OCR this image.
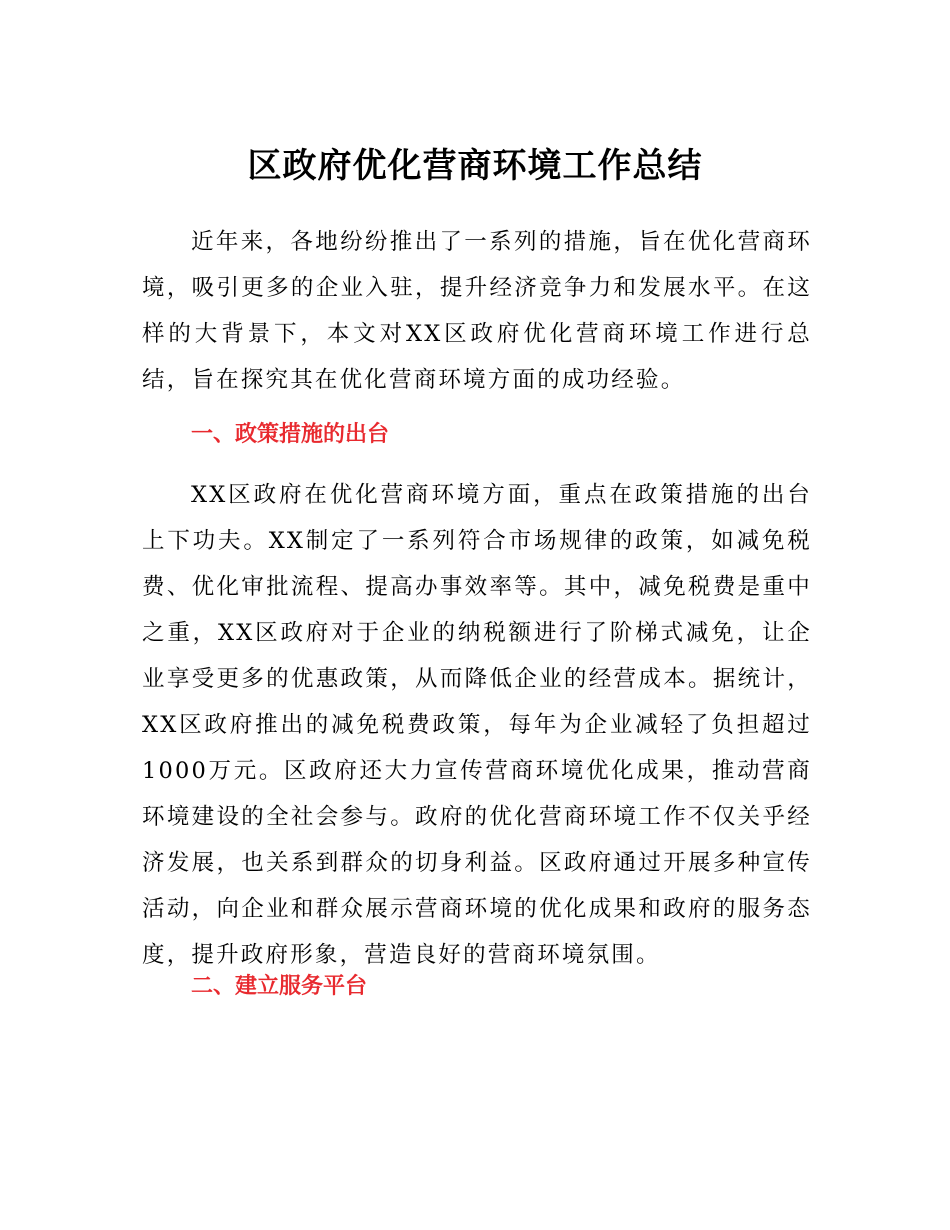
区政府优化营商环境工作总结

近年来，各地纷纷推出了一系列的措施，旨在优化营商环境，吸引更多的企业入驻，提升经济竞争力和发展水平。在这样的大背景下，本文对XX区政府优化营商环境工作进行总结，旨在探究其在优化营商环境方面的成功经验。

一、政策措施的出台

XX区政府在优化营商环境方面，重点在政策措施的出台上下功夫。XX制定了一系列符合市场规律的政策，如减免税费、优化审批流程、提高办事效率等。其中，减免税费是重中之重，XX区政府对于企业的纳税额进行了阶梯式减免，让企业享受更多的优惠政策，从而降低企业的经营成本。据统计，XX区政府推出的减免税费政策，每年为企业减轻了负担超过1000万元。区政府还大力宣传营商环境优化成果，推动营商环境建设的全社会参与。政府的优化营商环境工作不仅关乎经济发展，也关系到群众的切身利益。区政府通过开展多种宣传活动，向企业和群众展示营商环境的优化成果和政府的服务态度，提升政府形象，营造良好的营商环境氛围。

二、建立服务平台
